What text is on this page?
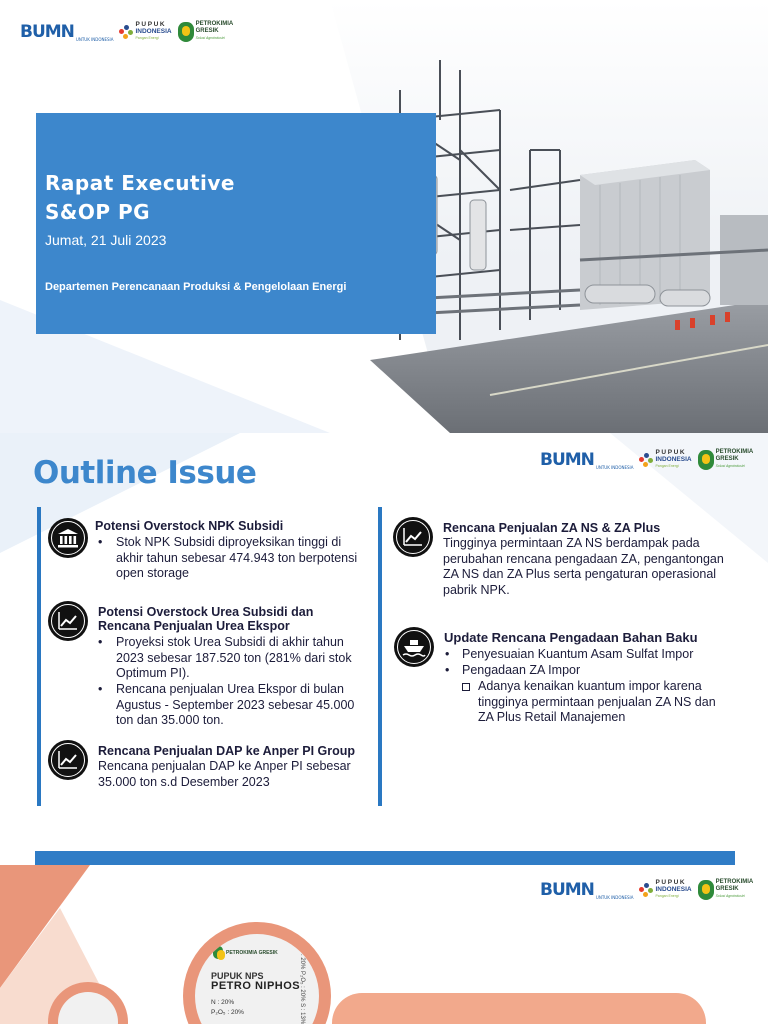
BUMN UNTUK INDONESIA
PUPUK
INDONESIA
Pangan Energi
PETROKIMIA
GRESIK
Solusi Agroindustri
Rapat Executive
S&OP PG
Jumat, 21 Juli 2023
Departemen Perencanaan Produksi & Pengelolaan Energi
Outline Issue	BUMN UNTUK INDONESIA
PUPUK
INDONESIA
Pangan Energi
PETROKIMIA
GRESIK
Solusi Agroindustri
Potensi Overstock NPK Subsidi
• Stok NPK Subsidi diproyeksikan tinggi di akhir tahun sebesar 474.943 ton berpotensi open storage
Potensi Overstock Urea Subsidi dan
Rencana Penjualan Urea Ekspor
• Proyeksi stok Urea Subsidi di akhir tahun 2023 sebesar 187.520 ton (281% dari stok Optimum PI).
• Rencana penjualan Urea Ekspor di bulan Agustus - September 2023 sebesar 45.000 ton dan 35.000 ton.
Rencana Penjualan DAP ke Anper PI Group
Rencana penjualan DAP ke Anper PI sebesar 35.000 ton s.d Desember 2023
Rencana Penjualan ZA NS & ZA Plus
Tingginya permintaan ZA NS berdampak pada perubahan rencana pengadaan ZA, pengantongan ZA NS dan ZA Plus serta pengaturan operasional pabrik NPK.
Update Rencana Pengadaan Bahan Baku
• Penyesuaian Kuantum Asam Sulfat Impor
• Pengadaan ZA Impor
Adanya kenaikan kuantum impor karena tingginya permintaan penjualan ZA NS dan ZA Plus Retail Manajemen
BUMN UNTUK INDONESIA
PUPUK
INDONESIA
Pangan Energi
PETROKIMIA
GRESIK
Solusi Agroindustri
PETROKIMIA GRESIK
PUPUK NPS
PETRO NIPHOS
N : 20%
P₂O₅ : 20%	N : 20% P₂O₅ : 20% S : 13%
